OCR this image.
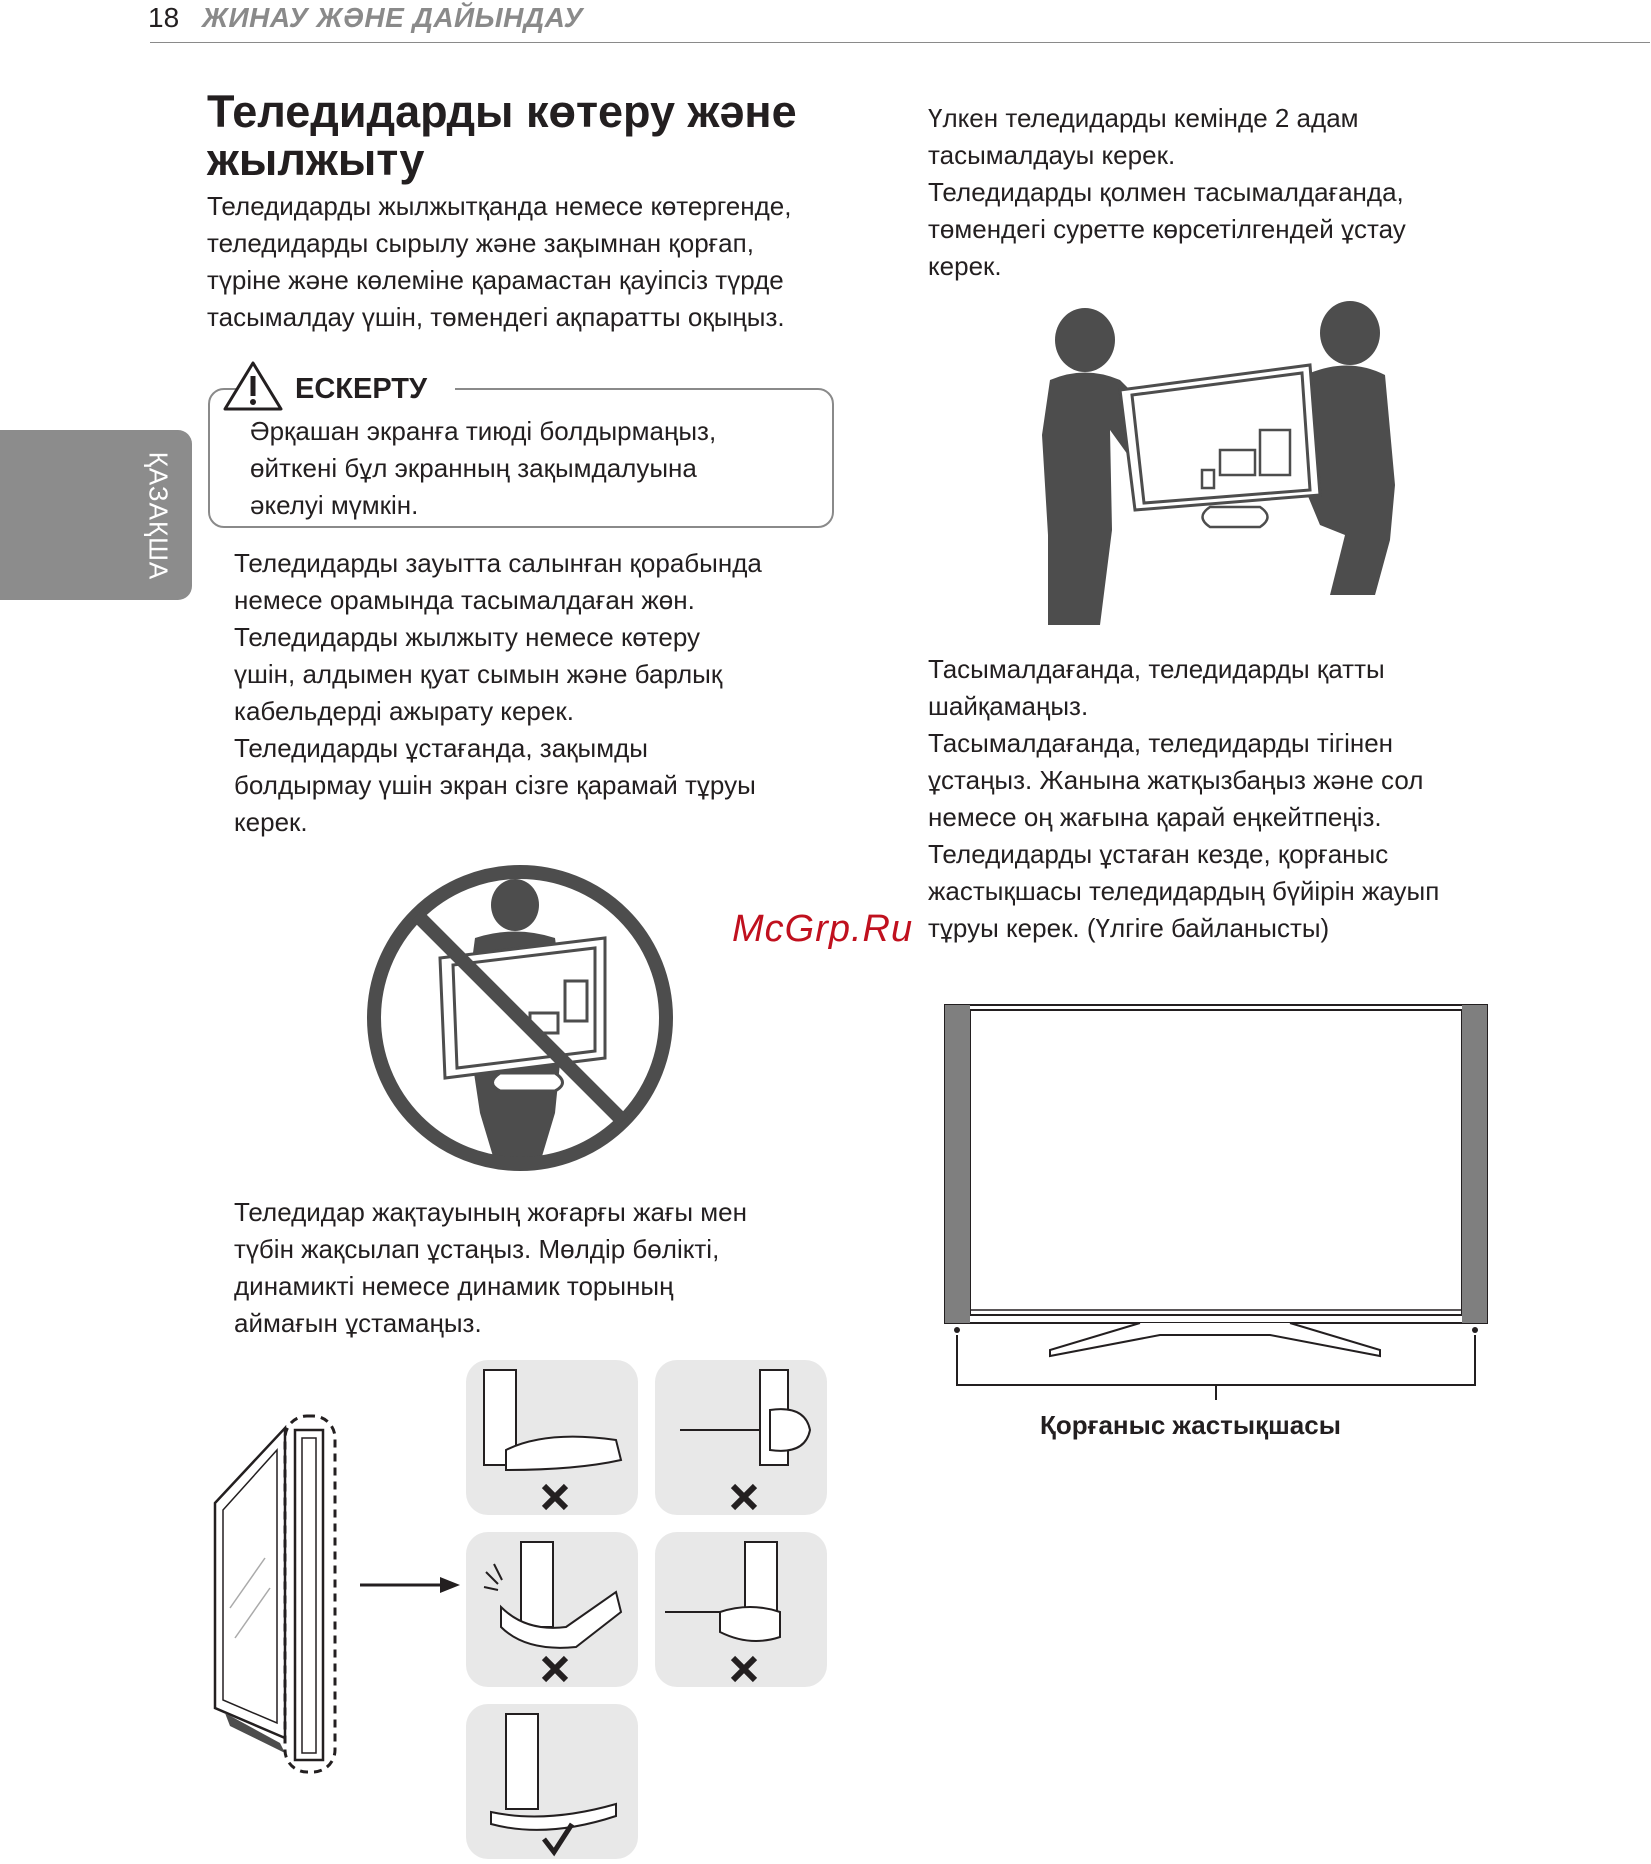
18 ЖИНАУ ЖӘНЕ ДАЙЫНДАУ
ҚАЗАҚША
Теледидарды көтеру және жылжыту
Теледидарды жылжытқанда немесе көтергенде,
теледидарды сырылу және зақымнан қорғап,
түріне және көлеміне қарамастан қауіпсіз түрде
тасымалдау үшін, төмендегі ақпаратты оқыңыз.
ЕСКЕРТУ
Әрқашан экранға тиюді болдырмаңыз,
өйткені бұл экранның зақымдалуына
әкелуі мүмкін.
Теледидарды зауытта салынған қорабында
немесе орамында тасымалдаған жөн.
Теледидарды жылжыту немесе көтеру
үшін, алдымен қуат сымын және барлық
кабельдерді ажырату керек.
Теледидарды ұстағанда, зақымды
болдырмау үшін экран сізге қарамай тұруы
керек.
Теледидар жақтауының жоғарғы жағы мен
түбін жақсылап ұстаңыз. Мөлдір бөлікті,
динамикті немесе динамик торының
аймағын ұстамаңыз.
Үлкен теледидарды кемінде 2 адам
тасымалдауы керек.
Теледидарды қолмен тасымалдағанда,
төмендегі суретте көрсетілгендей ұстау
керек.
Тасымалдағанда, теледидарды қатты
шайқамаңыз.
Тасымалдағанда, теледидарды тігінен
ұстаңыз. Жанына жатқызбаңыз және сол
немесе оң жағына қарай еңкейтпеңіз.
Теледидарды ұстаған кезде, қорғаныс
жастықшасы теледидардың бүйірін жауып
тұруы керек. (Үлгіге байланысты)
Қорғаныс жастықшасы
McGrp.Ru
